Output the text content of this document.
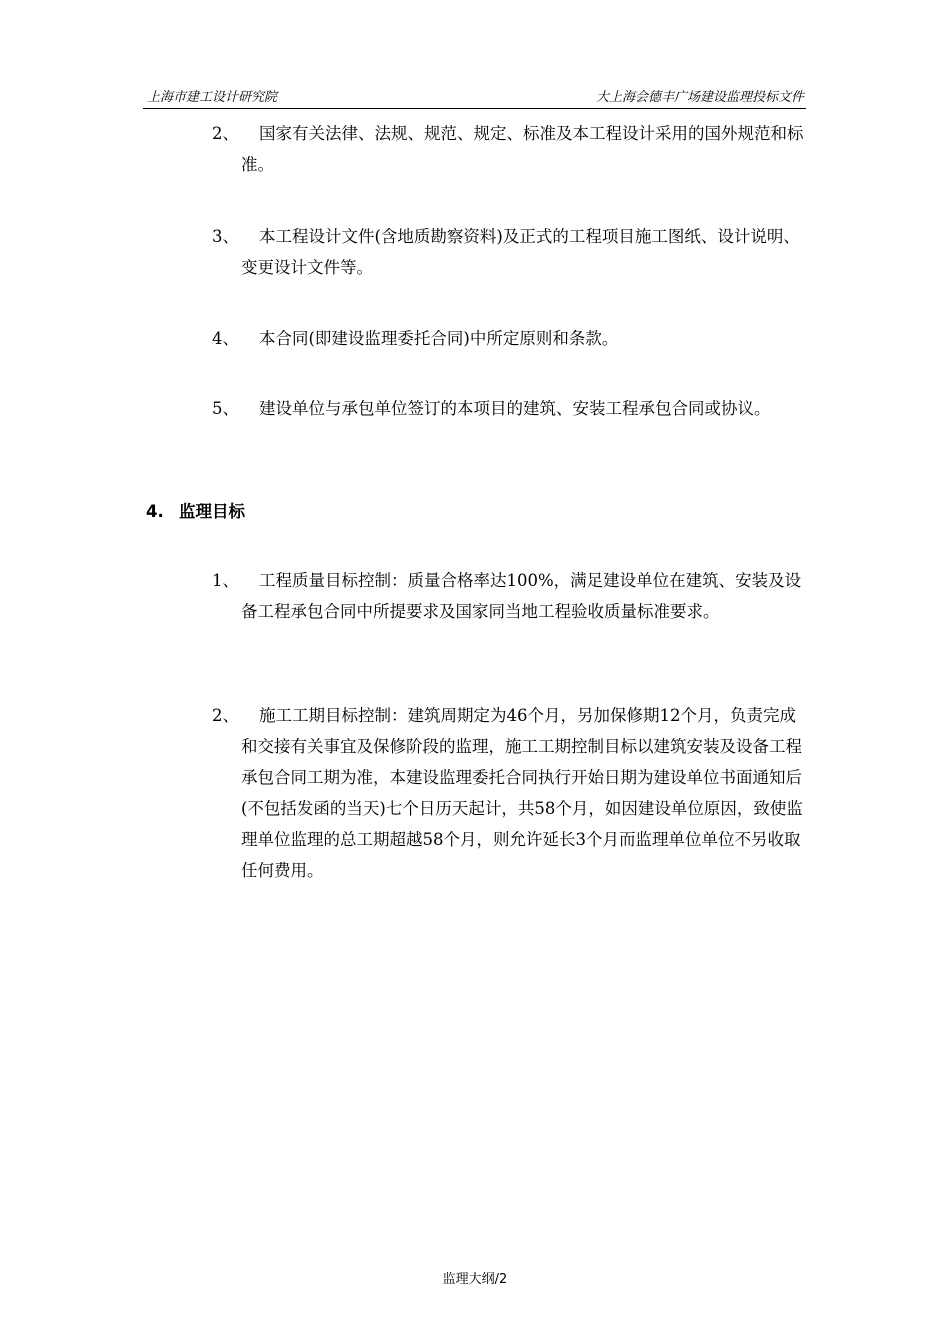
上海市建工设计研究院	大上海会德丰广场建设监理投标文件
2、	国家有关法律、法规、规范、规定、标准及本工程设计采用的国外规范和标准。
3、	本工程设计文件(含地质勘察资料)及正式的工程项目施工图纸、设计说明、变更设计文件等。
4、	本合同(即建设监理委托合同)中所定原则和条款。
5、	建设单位与承包单位签订的本项目的建筑、安装工程承包合同或协议。
4. 监理目标
1、	工程质量目标控制：质量合格率达100%，满足建设单位在建筑、安装及设备工程承包合同中所提要求及国家同当地工程验收质量标准要求。
2、	施工工期目标控制：建筑周期定为46个月，另加保修期12个月，负责完成和交接有关事宜及保修阶段的监理，施工工期控制目标以建筑安装及设备工程承包合同工期为准，本建设监理委托合同执行开始日期为建设单位书面通知后(不包括发函的当天)七个日历天起计，共58个月，如因建设单位原因，致使监理单位监理的总工期超越58个月，则允许延长3个月而监理单位单位不另收取任何费用。
监理大纲/2
